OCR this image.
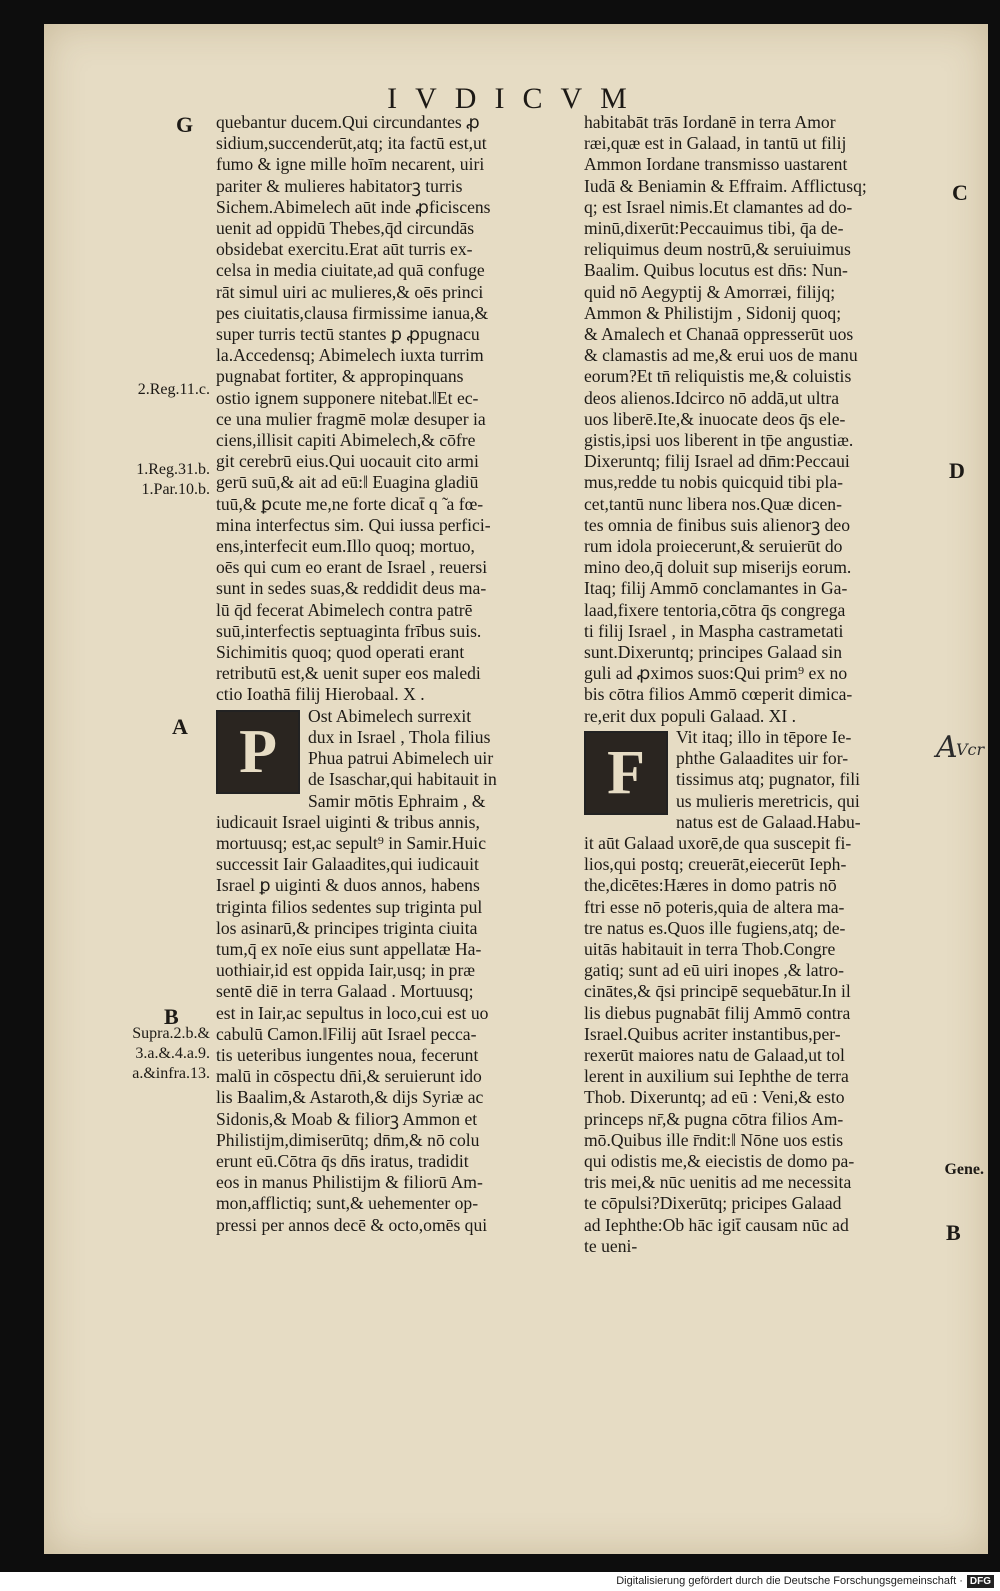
IVDICVM
quebantur ducem.Qui circundantes ꝓ
sidium,succenderūt,atq; ita factū est,ut
fumo & igne mille hoīm necarent, uiri
pariter & mulieres habitatorꝫ turris
Sichem.Abimelech aūt inde ꝓficiscens
uenit ad oppidū Thebes,q̄d circundās
obsidebat exercitu.Erat aūt turris ex-
celsa in media ciuitate,ad quā confuge
rāt simul uiri ac mulieres,& oēs princi
pes ciuitatis,clausa firmissime ianua,&
super turris tectū stantes ꝑ ꝓpugnacu
la.Accedensq; Abimelech iuxta turrim
pugnabat fortiter, & appropinquans
ostio ignem supponere nitebat.‖Et ec-
ce una mulier fragmē molæ desuper ia
ciens,illisit capiti Abimelech,& cōfre
git cerebrū eius.Qui uocauit cito armi
gerū suū,& ait ad eū:‖ Euagina gladiū
tuū,& ꝑcute me,ne forte dicat̄ q ̃ a fœ-
mina interfectus sim. Qui iussa perfici-
ens,interfecit eum.Illo quoq; mortuo,
oēs qui cum eo erant de Israel , reuersi
sunt in sedes suas,& reddidit deus ma-
lū q̄d fecerat Abimelech contra patrē
suū,interfectis septuaginta frībus suis.
Sichimitis quoq; quod operati erant
retributū est,& uenit super eos maledi
ctio Ioathā filij Hierobaal. X .
P
Ost Abimelech surrexit
dux in Israel , Thola filius
Phua patrui Abimelech uir
de Isaschar,qui habitauit in
Samir mōtis Ephraim , &
iudicauit Israel uiginti & tribus annis,
mortuusq; est,ac sepult⁹ in Samir.Huic
successit Iair Galaadites,qui iudicauit
Israel ꝑ uiginti & duos annos, habens
triginta filios sedentes sup triginta pul
los asinarū,& principes triginta ciuita
tum,q̄ ex noīe eius sunt appellatæ Ha-
uothiair,id est oppida Iair,usq; in præ
sentē diē in terra Galaad . Mortuusq;
est in Iair,ac sepultus in loco,cui est uo
cabulū Camon.‖Filij aūt Israel pecca-
tis ueteribus iungentes noua, fecerunt
malū in cōspectu dn̄i,& seruierunt ido
lis Baalim,& Astaroth,& dijs Syriæ ac
Sidonis,& Moab & filiorꝫ Ammon et
Philistijm,dimiserūtq; dn̄m,& nō colu
erunt eū.Cōtra q̄s dn̄s iratus, tradidit
eos in manus Philistijm & filiorū Am-
mon,afflictiq; sunt,& uehementer op-
pressi per annos decē & octo,omēs qui
habitabāt trās Iordanē in terra Amor
ræi,quæ est in Galaad, in tantū ut filij
Ammon Iordane transmisso uastarent
Iudā & Beniamin & Effraim. Afflictusq;
q; est Israel nimis.Et clamantes ad do-
minū,dixerūt:Peccauimus tibi, q̄a de-
reliquimus deum nostrū,& seruiuimus
Baalim. Quibus locutus est dn̄s: Nun-
quid nō Aegyptij & Amorræi, filijq;
Ammon & Philistijm , Sidonij quoq;
& Amalech et Chanaā oppresserūt uos
& clamastis ad me,& erui uos de manu
eorum?Et tn̄ reliquistis me,& coluistis
deos alienos.Idcirco nō addā,ut ultra
uos liberē.Ite,& inuocate deos q̄s ele-
gistis,ipsi uos liberent in tp̄e angustiæ.
Dixeruntq; filij Israel ad dn̄m:Peccaui
mus,redde tu nobis quicquid tibi pla-
cet,tantū nunc libera nos.Quæ dicen-
tes omnia de finibus suis alienorꝫ deo
rum idola proiecerunt,& seruierūt do
mino deo,q̄ doluit sup miserijs eorum.
Itaq; filij Ammō conclamantes in Ga-
laad,fixere tentoria,cōtra q̄s congrega
ti filij Israel , in Maspha castrametati
sunt.Dixeruntq; principes Galaad sin
guli ad ꝓximos suos:Qui prim⁹ ex no
bis cōtra filios Ammō cœperit dimica-
re,erit dux populi Galaad. XI .
F
Vit itaq; illo in tēpore Ie-
phthe Galaadites uir for-
tissimus atq; pugnator, fili
us mulieris meretricis, qui
natus est de Galaad.Habu-
it aūt Galaad uxorē,de qua suscepit fi-
lios,qui postq; creuerāt,eiecerūt Ieph-
the,dicētes:Hæres in domo patris nō
ftri esse nō poteris,quia de altera ma-
tre natus es.Quos ille fugiens,atq; de-
uitās habitauit in terra Thob.Congre
gatiq; sunt ad eū uiri inopes ,& latro-
cinātes,& q̄si principē sequebātur.In il
lis diebus pugnabāt filij Ammō contra
Israel.Quibus acriter instantibus,per-
rexerūt maiores natu de Galaad,ut tol
lerent in auxilium sui Iephthe de terra
Thob. Dixeruntq; ad eū : Veni,& esto
princeps nr̄,& pugna cōtra filios Am-
mō.Quibus ille r̄ndit:‖ Nōne uos estis
qui odistis me,& eiecistis de domo pa-
tris mei,& nūc uenitis ad me necessita
te cōpulsi?Dixerūtq; pricipes Galaad
ad Iephthe:Ob hāc igit̄ causam nūc ad
te ueni-
G
A
B
C
D
B
2.Reg.11.c.
1.Reg.31.b.
1.Par.10.b.
Supra.2.b.&
3.a.&.4.a.9.
a.&infra.13.
Gene.
A
Vcr
Digitalisierung gefördert durch die Deutsche Forschungsgemeinschaft · DFG
